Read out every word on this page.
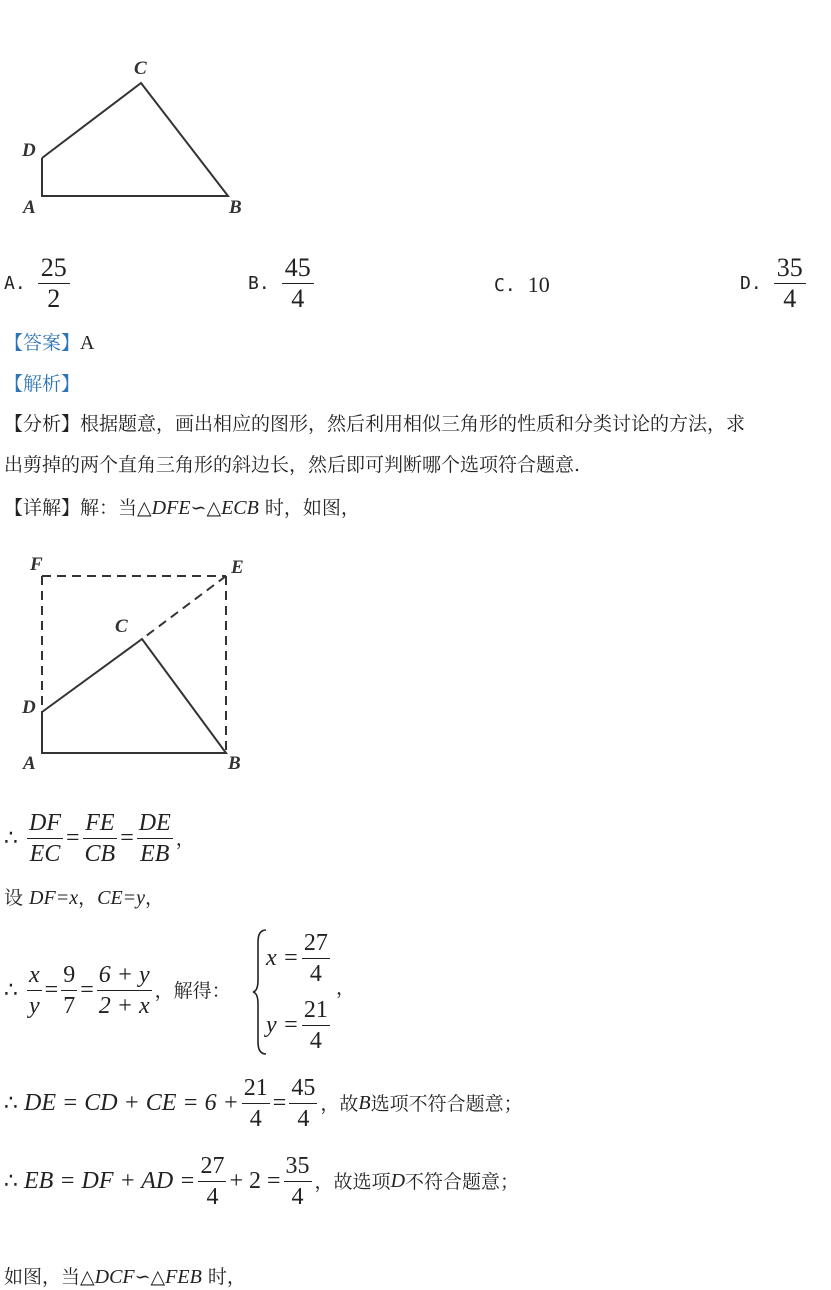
C
D
A	B
A. $\frac{25}{2}$	B. $\frac{45}{4}$	C. 10	D. $\frac{35}{4}$
【答案】A
【解析】
【分析】根据题意，画出相应的图形，然后利用相似三角形的性质和分类讨论的方法，求
出剪掉的两个直角三角形的斜边长，然后即可判断哪个选项符合题意.
【详解】解：当△DFE∽△ECB 时，如图，
F	E
C
D
A	B
∴ $\frac{DF}{EC} = \frac{FE}{CB} = \frac{DE}{EB}$ ，
设 DF=x，CE=y，
∴ $\frac{x}{y} = \frac{9}{7} = \frac{6 + y}{2 + x}$ ，解得：
$x = \frac{27}{4}$ ，
$y = \frac{21}{4}$
∴ DE = CD + CE = $6 + \frac{21}{4} = \frac{45}{4}$ ，故 B 选项不符合题意；
∴ EB = DF + AD = $\frac{27}{4} + 2 = \frac{35}{4}$ ，故选项 D 不符合题意；
如图，当△DCF∽△FEB 时，
